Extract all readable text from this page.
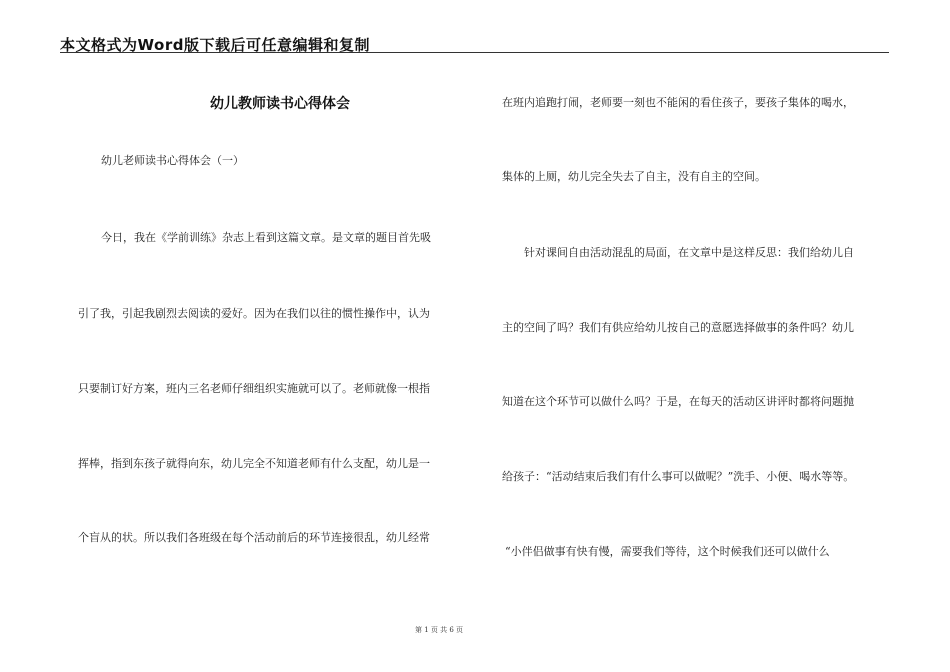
本文格式为Word版下载后可任意编辑和复制
幼儿教师读书心得体会
幼儿老师读书心得体会（一）
今日，我在《学前训练》杂志上看到这篇文章。是文章的题目首先吸
引了我，引起我剧烈去阅读的爱好。因为在我们以往的惯性操作中，认为
只要制订好方案，班内三名老师仔细组织实施就可以了。老师就像一根指
挥棒，指到东孩子就得向东，幼儿完全不知道老师有什么支配，幼儿是一
个盲从的状。所以我们各班级在每个活动前后的环节连接很乱，幼儿经常
在班内追跑打闹，老师要一刻也不能闲的看住孩子，要孩子集体的喝水，
集体的上厕，幼儿完全失去了自主，没有自主的空间。
针对课间自由活动混乱的局面，在文章中是这样反思：我们给幼儿自
主的空间了吗？我们有供应给幼儿按自己的意愿选择做事的条件吗？幼儿
知道在这个环节可以做什么吗？于是，在每天的活动区讲评时都将问题抛
给孩子：“活动结束后我们有什么事可以做呢？”洗手、小便、喝水等等。
“小伴侣做事有快有慢，需要我们等待，这个时候我们还可以做什么
第 1 页 共 6 页
